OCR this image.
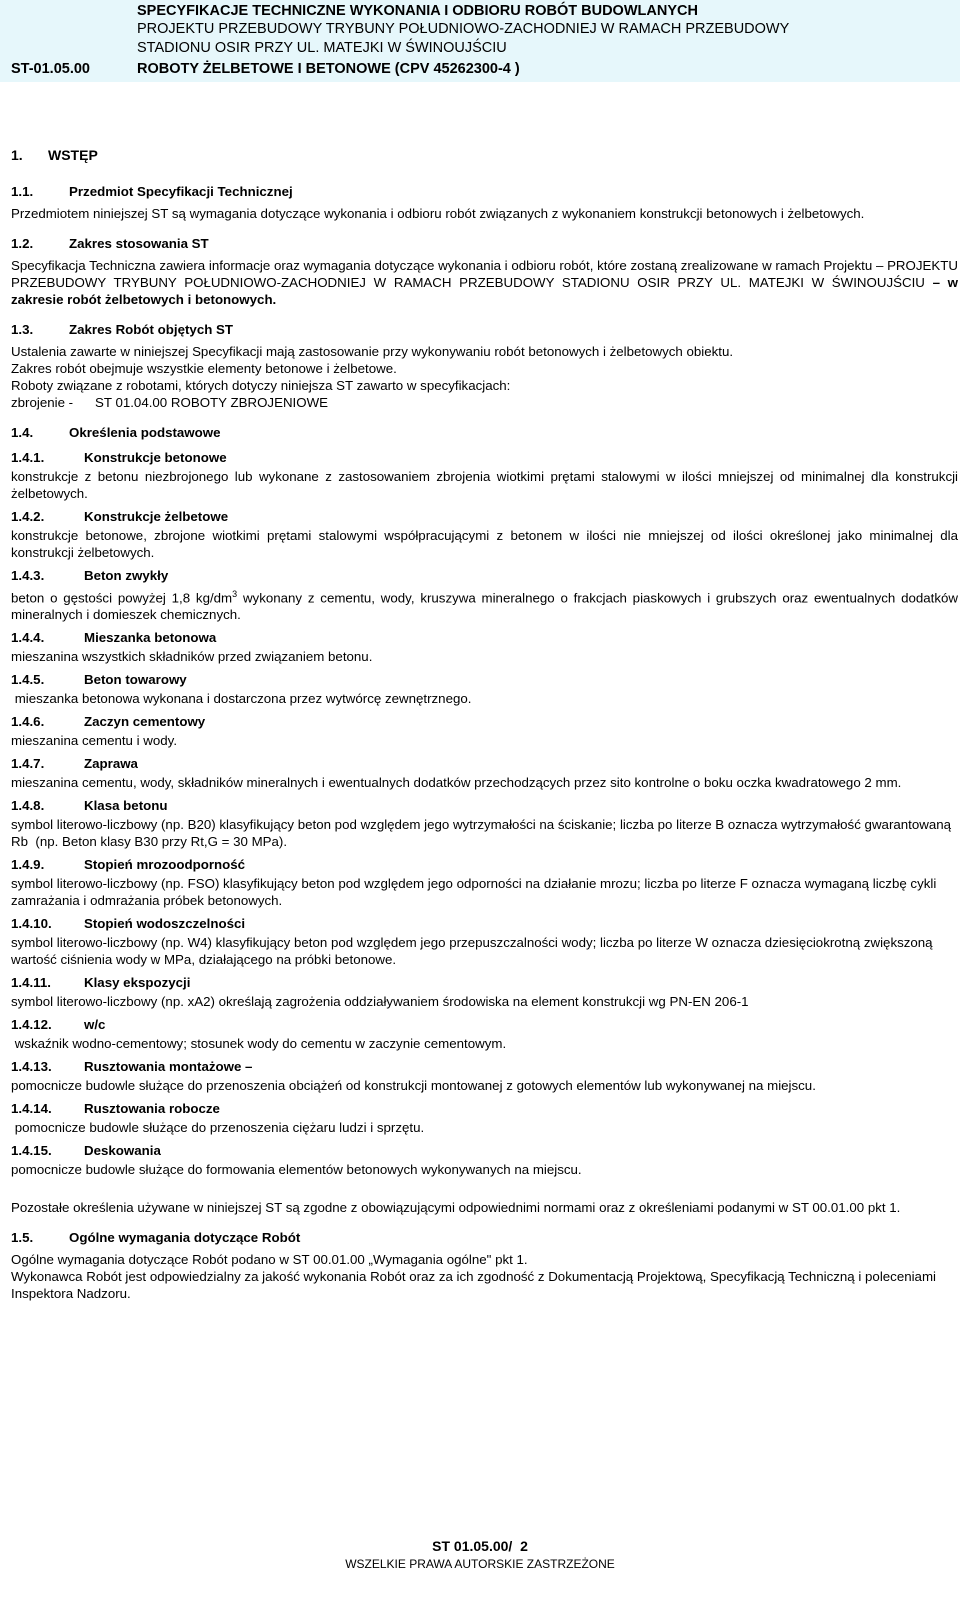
SPECYFIKACJE TECHNICZNE WYKONANIA I ODBIORU ROBÓT BUDOWLANYCH
PROJEKTU PRZEBUDOWY TRYBUNY POŁUDNIOWO-ZACHODNIEJ W RAMACH PRZEBUDOWY
STADIONU OSIR PRZY UL. MATEJKI W ŚWINOUJŚCIU
ST-01.05.00	ROBOTY ŻELBETOWE I BETONOWE (CPV 45262300-4 )
1. WSTĘP
1.1.	Przedmiot Specyfikacji Technicznej

Przedmiotem niniejszej ST są wymagania dotyczące wykonania i odbioru robót związanych z wykonaniem konstrukcji betonowych i żelbetowych.

1.2.	Zakres stosowania ST

Specyfikacja Techniczna zawiera informacje oraz wymagania dotyczące wykonania i odbioru robót, które zostaną zrealizowane w ramach Projektu – PROJEKTU PRZEBUDOWY TRYBUNY POŁUDNIOWO-ZACHODNIEJ W RAMACH PRZEBUDOWY STADIONU OSIR PRZY UL. MATEJKI W ŚWINOUJŚCIU – w zakresie robót żelbetowych i betonowych.

1.3.	Zakres Robót objętych ST

Ustalenia zawarte w niniejszej Specyfikacji mają zastosowanie przy wykonywaniu robót betonowych i żelbetowych obiektu.

Zakres robót obejmuje wszystkie elementy betonowe i żelbetowe.

Roboty związane z robotami, których dotyczy niniejsza ST zawarto w specyfikacjach:

zbrojenie - ST 01.04.00 ROBOTY ZBROJENIOWE

1.4.	Określenia podstawowe
1.4.1.	Konstrukcje betonowe

konstrukcje z betonu niezbrojonego lub wykonane z zastosowaniem zbrojenia wiotkimi prętami stalowymi w ilości mniejszej od minimalnej dla konstrukcji żelbetowych.

1.4.2.	Konstrukcje żelbetowe

konstrukcje betonowe, zbrojone wiotkimi prętami stalowymi współpracującymi z betonem w ilości nie mniejszej od ilości określonej jako minimalnej dla konstrukcji żelbetowych.

1.4.3.	Beton zwykły

beton o gęstości powyżej 1,8 $kg/dm^3$ wykonany z cementu, wody, kruszywa mineralnego o frakcjach piaskowych i grubszych oraz ewentualnych dodatków mineralnych i domieszek chemicznych.

1.4.4.	Mieszanka betonowa

mieszanina wszystkich składników przed związaniem betonu.

1.4.5.	Beton towarowy

mieszanka betonowa wykonana i dostarczona przez wytwórcę zewnętrznego.

1.4.6.	Zaczyn cementowy

mieszanina cementu i wody.

1.4.7.	Zaprawa

mieszanina cementu, wody, składników mineralnych i ewentualnych dodatków przechodzących przez sito kontrolne o boku oczka kwadratowego 2 mm.

1.4.8.	Klasa betonu

symbol literowo-liczbowy (np. B20) klasyfikujący beton pod względem jego wytrzymałości na ściskanie; liczba po literze B oznacza wytrzymałość gwarantowaną Rb  (np. Beton klasy B30 przy Rt,G = 30 MPa).

1.4.9.	Stopień mrozoodporność

symbol literowo-liczbowy (np. FSO) klasyfikujący beton pod względem jego odporności na działanie mrozu; liczba po literze F oznacza wymaganą liczbę cykli zamrażania i odmrażania próbek betonowych.

1.4.10. Stopień wodoszczelności

symbol literowo-liczbowy (np. W4) klasyfikujący beton pod względem jego przepuszczalności wody; liczba po literze W oznacza dziesięciokrotną zwiększoną wartość ciśnienia wody w MPa, działającego na próbki betonowe.

1.4.11. Klasy ekspozycji

symbol literowo-liczbowy (np. xA2) określają zagrożenia oddziaływaniem środowiska na element konstrukcji wg PN-EN 206-1

1.4.12. w/c

wskaźnik wodno-cementowy; stosunek wody do cementu w zaczynie cementowym.

1.4.13. Rusztowania montażowe –

pomocnicze budowle służące do przenoszenia obciążeń od konstrukcji montowanej z gotowych elementów lub wykonywanej na miejscu.

1.4.14. Rusztowania robocze

pomocnicze budowle służące do przenoszenia ciężaru ludzi i sprzętu.

1.4.15. Deskowania

pomocnicze budowle służące do formowania elementów betonowych wykonywanych na miejscu.

Pozostałe określenia używane w niniejszej ST są zgodne z obowiązującymi odpowiednimi normami oraz z określeniami podanymi w ST 00.01.00 pkt 1.

1.5.	Ogólne wymagania dotyczące Robót

Ogólne wymagania dotyczące Robót podano w ST 00.01.00 „Wymagania ogólne" pkt 1.

Wykonawca Robót jest odpowiedzialny za jakość wykonania Robót oraz za ich zgodność z Dokumentacją Projektową, Specyfikacją Techniczną i poleceniami Inspektora Nadzoru.

ST 01.05.00/  2
WSZELKIE PRAWA AUTORSKIE ZASTRZEŻONE
